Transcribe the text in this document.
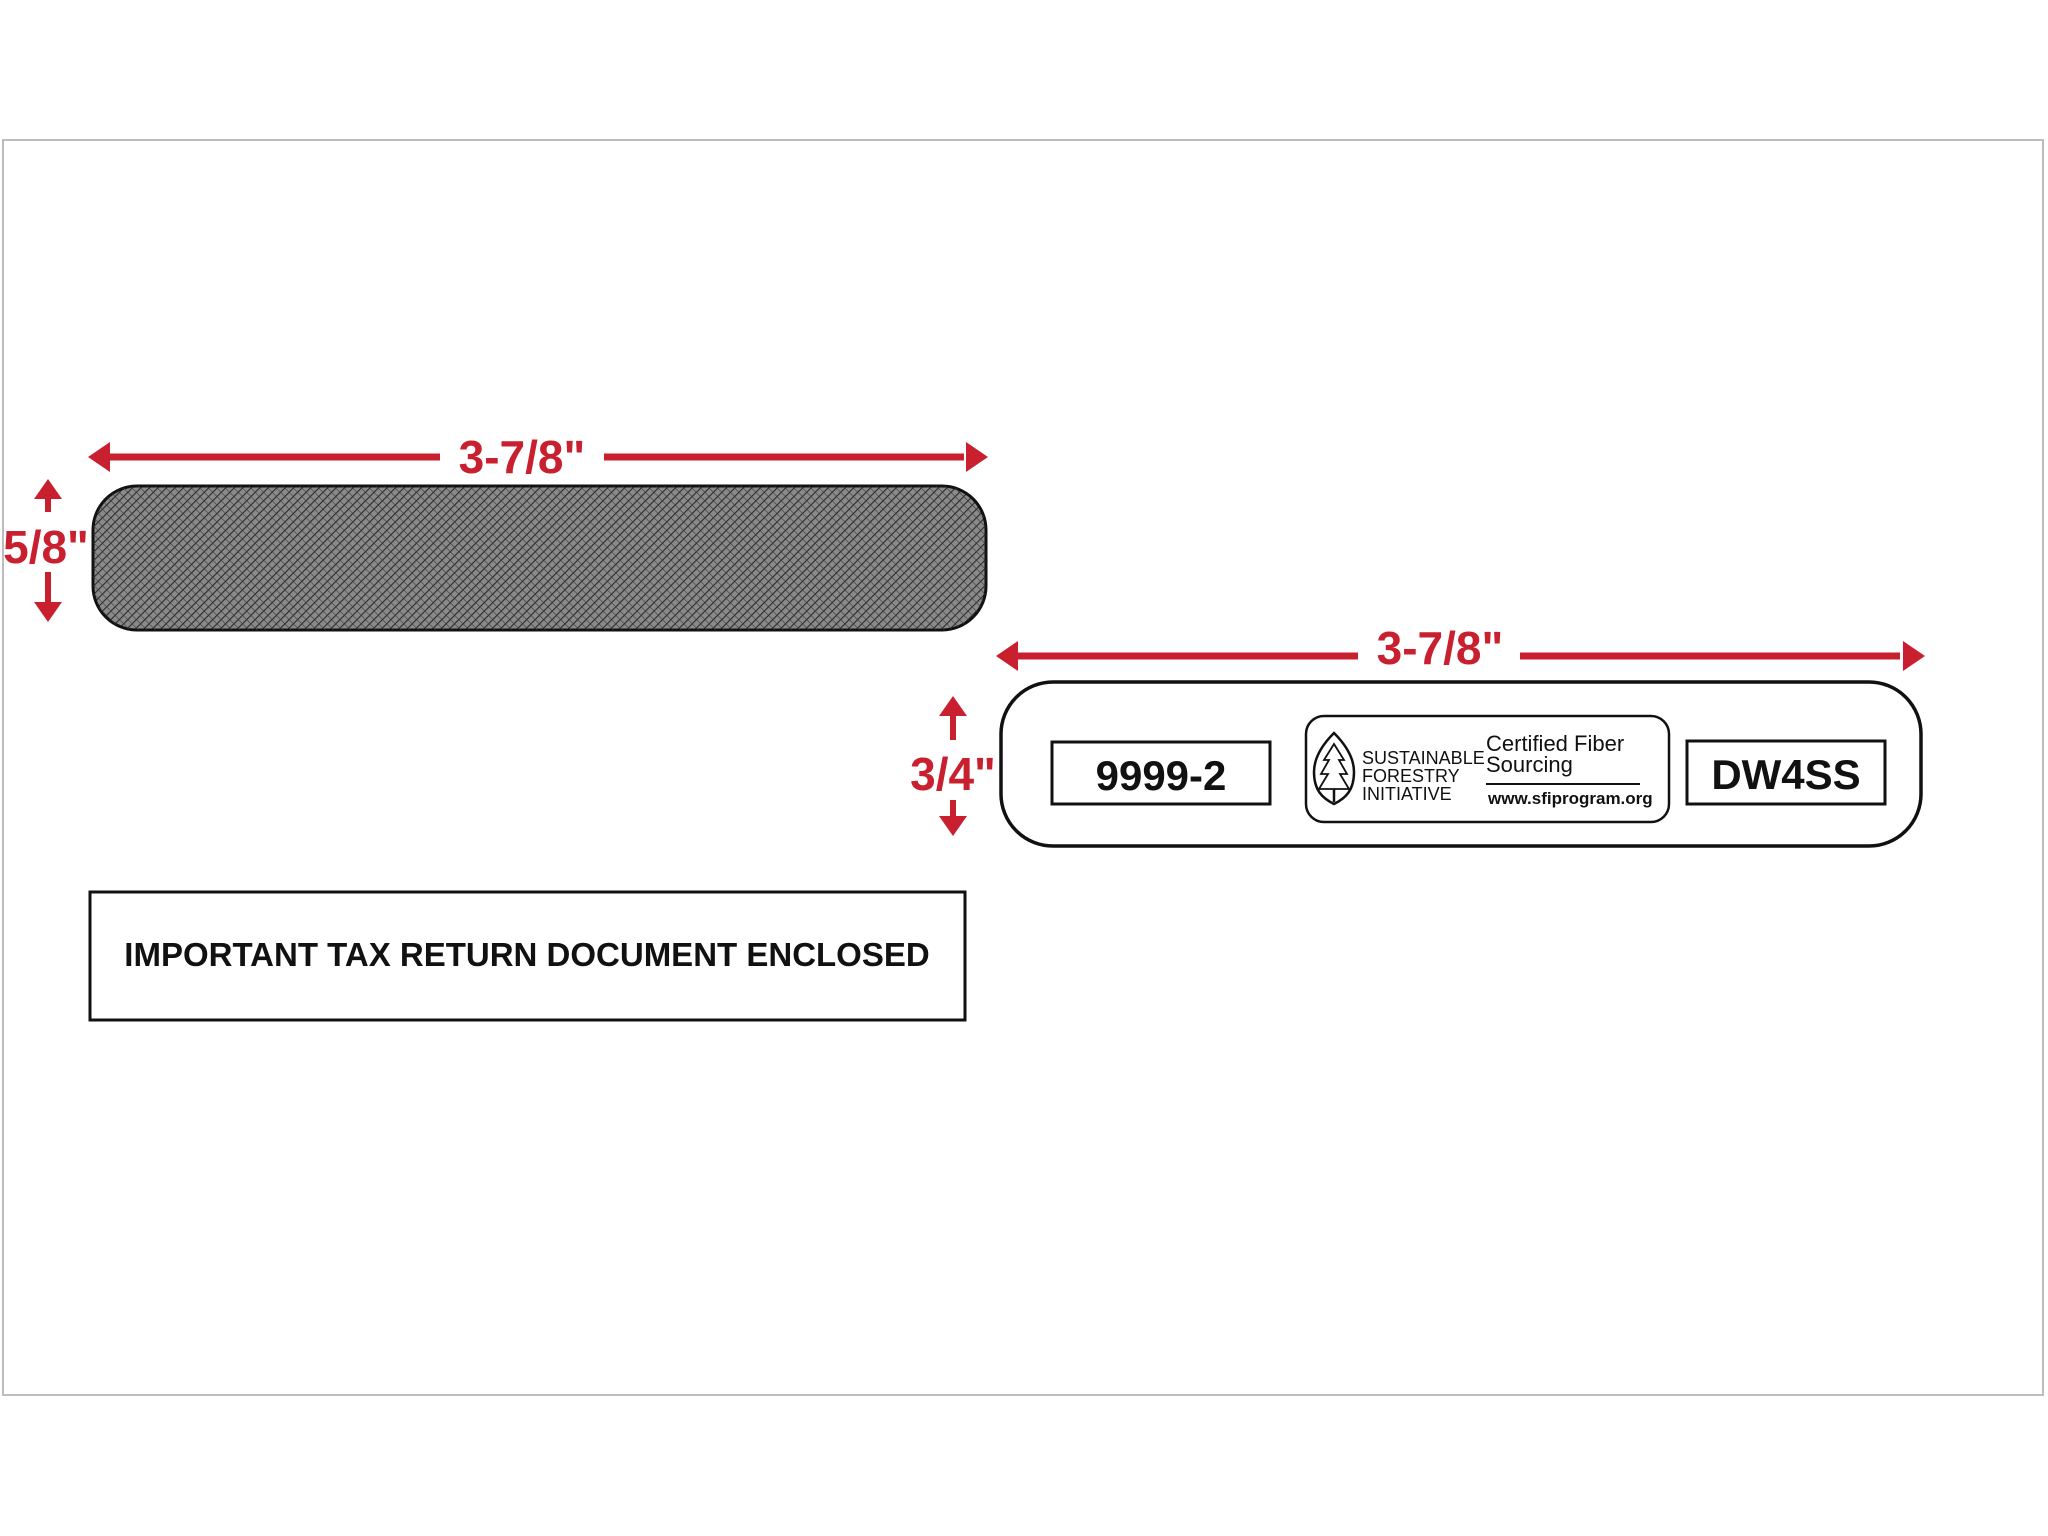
3-7/8"
5/8"
3-7/8"
3/4" 9999-2	SUSTAINABLE
FORESTRY
INITIATIVE
Certified Fiber
Sourcing
www.sfiprogram.org
DW4SS
IMPORTANT TAX RETURN DOCUMENT ENCLOSED
